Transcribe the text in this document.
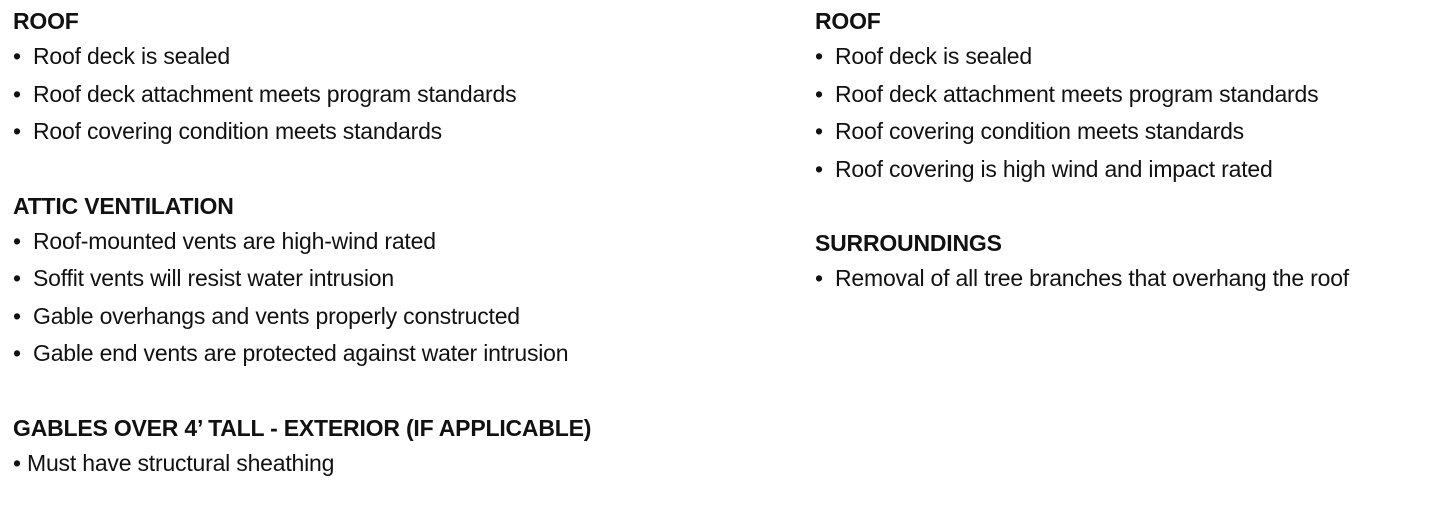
ROOF
• Roof deck is sealed
• Roof deck attachment meets program standards
• Roof covering condition meets standards
ATTIC VENTILATION
• Roof-mounted vents are high-wind rated
• Soffit vents will resist water intrusion
• Gable overhangs and vents properly constructed
• Gable end vents are protected against water intrusion
GABLES OVER 4’ TALL - EXTERIOR (IF APPLICABLE)
• Must have structural sheathing
ROOF
• Roof deck is sealed
• Roof deck attachment meets program standards
• Roof covering condition meets standards
• Roof covering is high wind and impact rated
SURROUNDINGS
• Removal of all tree branches that overhang the roof
